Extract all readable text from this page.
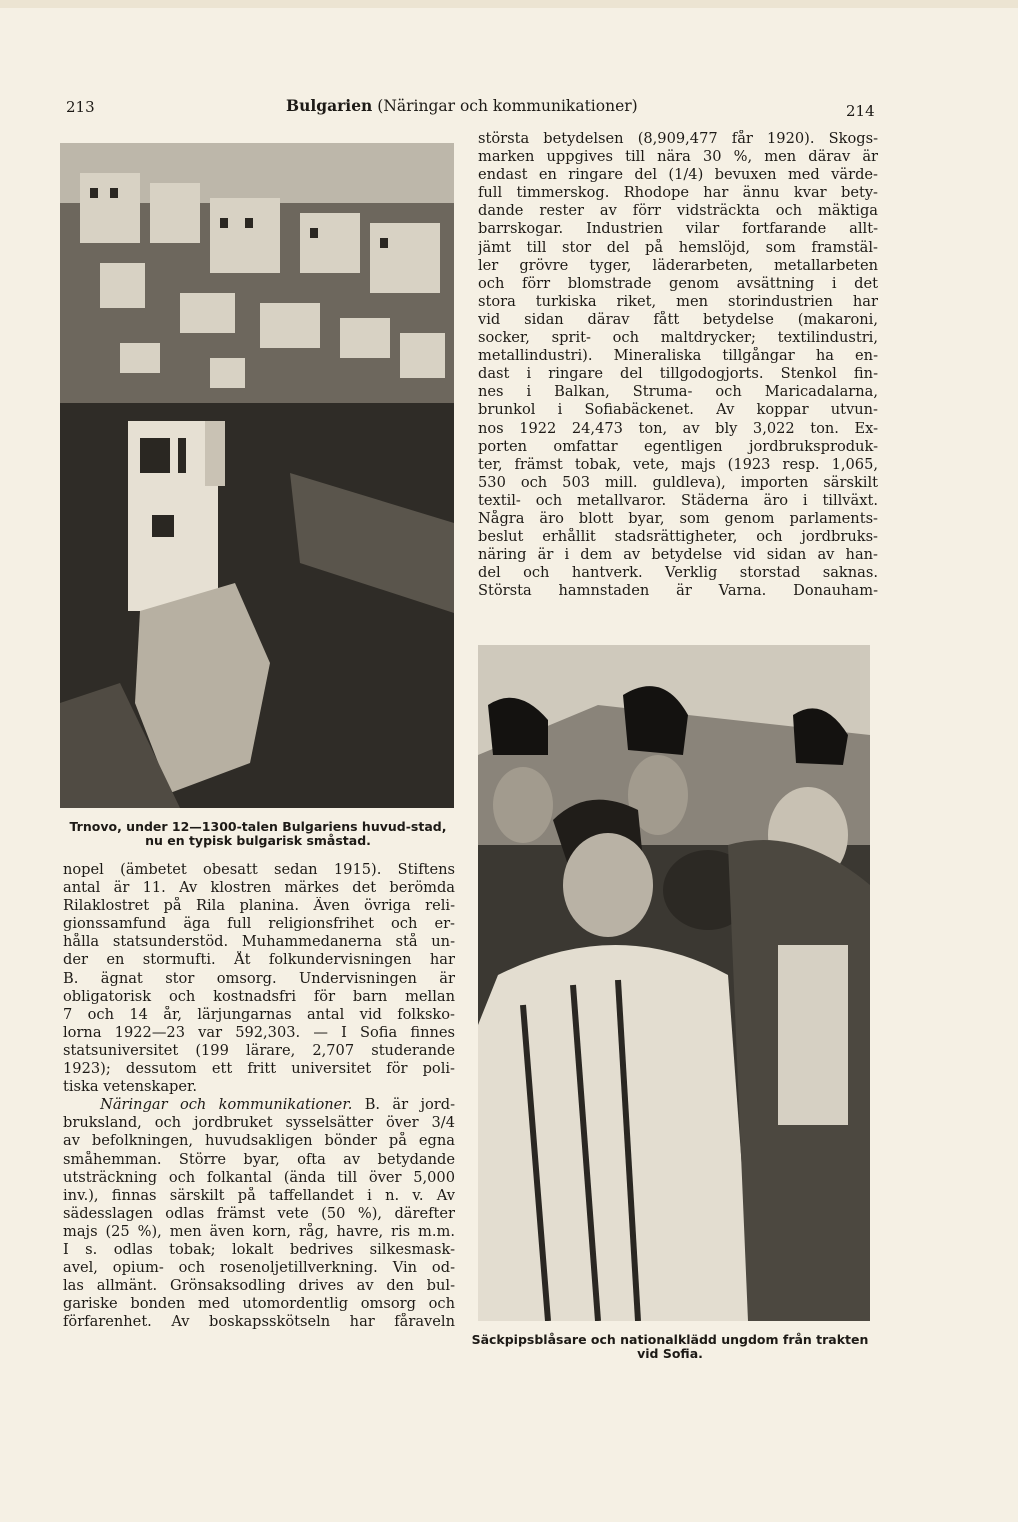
213	Bulgarien (Näringar och kommunikationer)	214

Trnovo, under 12—1300-talen Bulgariens huvud-stad, nu en typisk bulgarisk småstad.

största betydelsen (8,909,477 får 1920). Skogs-
marken uppgives till nära 30 %, men därav är
endast en ringare del (1/4) bevuxen med värde-
full timmerskog. Rhodope har ännu kvar bety-
dande rester av förr vidsträckta och mäktiga
barrskogar. Industrien vilar fortfarande allt-
jämt till stor del på hemslöjd, som framstäl-
ler grövre tyger, läderarbeten, metallarbeten
och förr blomstrade genom avsättning i det
stora turkiska riket, men storindustrien har
vid sidan därav fått betydelse (makaroni,
socker, sprit- och maltdrycker; textilindustri,
metallindustri). Mineraliska tillgångar ha en-
dast i ringare del tillgodogjorts. Stenkol fin-
nes i Balkan, Struma- och Maricadalarna,
brunkol i Sofiabäckenet. Av koppar utvun-
nos 1922 24,473 ton, av bly 3,022 ton. Ex-
porten omfattar egentligen jordbruksproduk-
ter, främst tobak, vete, majs (1923 resp. 1,065,
530 och 503 mill. guldleva), importen särskilt
textil- och metallvaror. Städerna äro i tillväxt.
Några äro blott byar, som genom parlaments-
beslut erhållit stadsrättigheter, och jordbruks-
näring är i dem av betydelse vid sidan av han-
del och hantverk. Verklig storstad saknas.
Största hamnstaden är Varna. Donauham-

Säckpipsblåsare och nationalklädd ungdom från trakten vid Sofia.

nopel (ämbetet obesatt sedan 1915). Stiftens
antal är 11. Av klostren märkes det berömda
Rilaklostret på Rila planina. Även övriga reli-
gionssamfund äga full religionsfrihet och er-
hålla statsunderstöd. Muhammedanerna stå un-
der en stormufti. Åt folkundervisningen har
B. ägnat stor omsorg. Undervisningen är
obligatorisk och kostnadsfri för barn mellan
7 och 14 år, lärjungarnas antal vid folksko-
lorna 1922—23 var 592,303. — I Sofia finnes
statsuniversitet (199 lärare, 2,707 studerande
1923); dessutom ett fritt universitet för poli-
tiska vetenskaper.
Näringar och kommunikationer. B. är jord-
bruksland, och jordbruket sysselsätter över 3/4
av befolkningen, huvudsakligen bönder på egna
småhemman. Större byar, ofta av betydande
utsträckning och folkantal (ända till över 5,000
inv.), finnas särskilt på taffellandet i n. v. Av
sädesslagen odlas främst vete (50 %), därefter
majs (25 %), men även korn, råg, havre, ris m.m.
I s. odlas tobak; lokalt bedrives silkesmask-
avel, opium- och rosenoljetillverkning. Vin od-
las allmänt. Grönsaksodling drives av den bul-
gariske bonden med utomordentlig omsorg och
förfarenhet. Av boskapsskötseln har fåraveln
